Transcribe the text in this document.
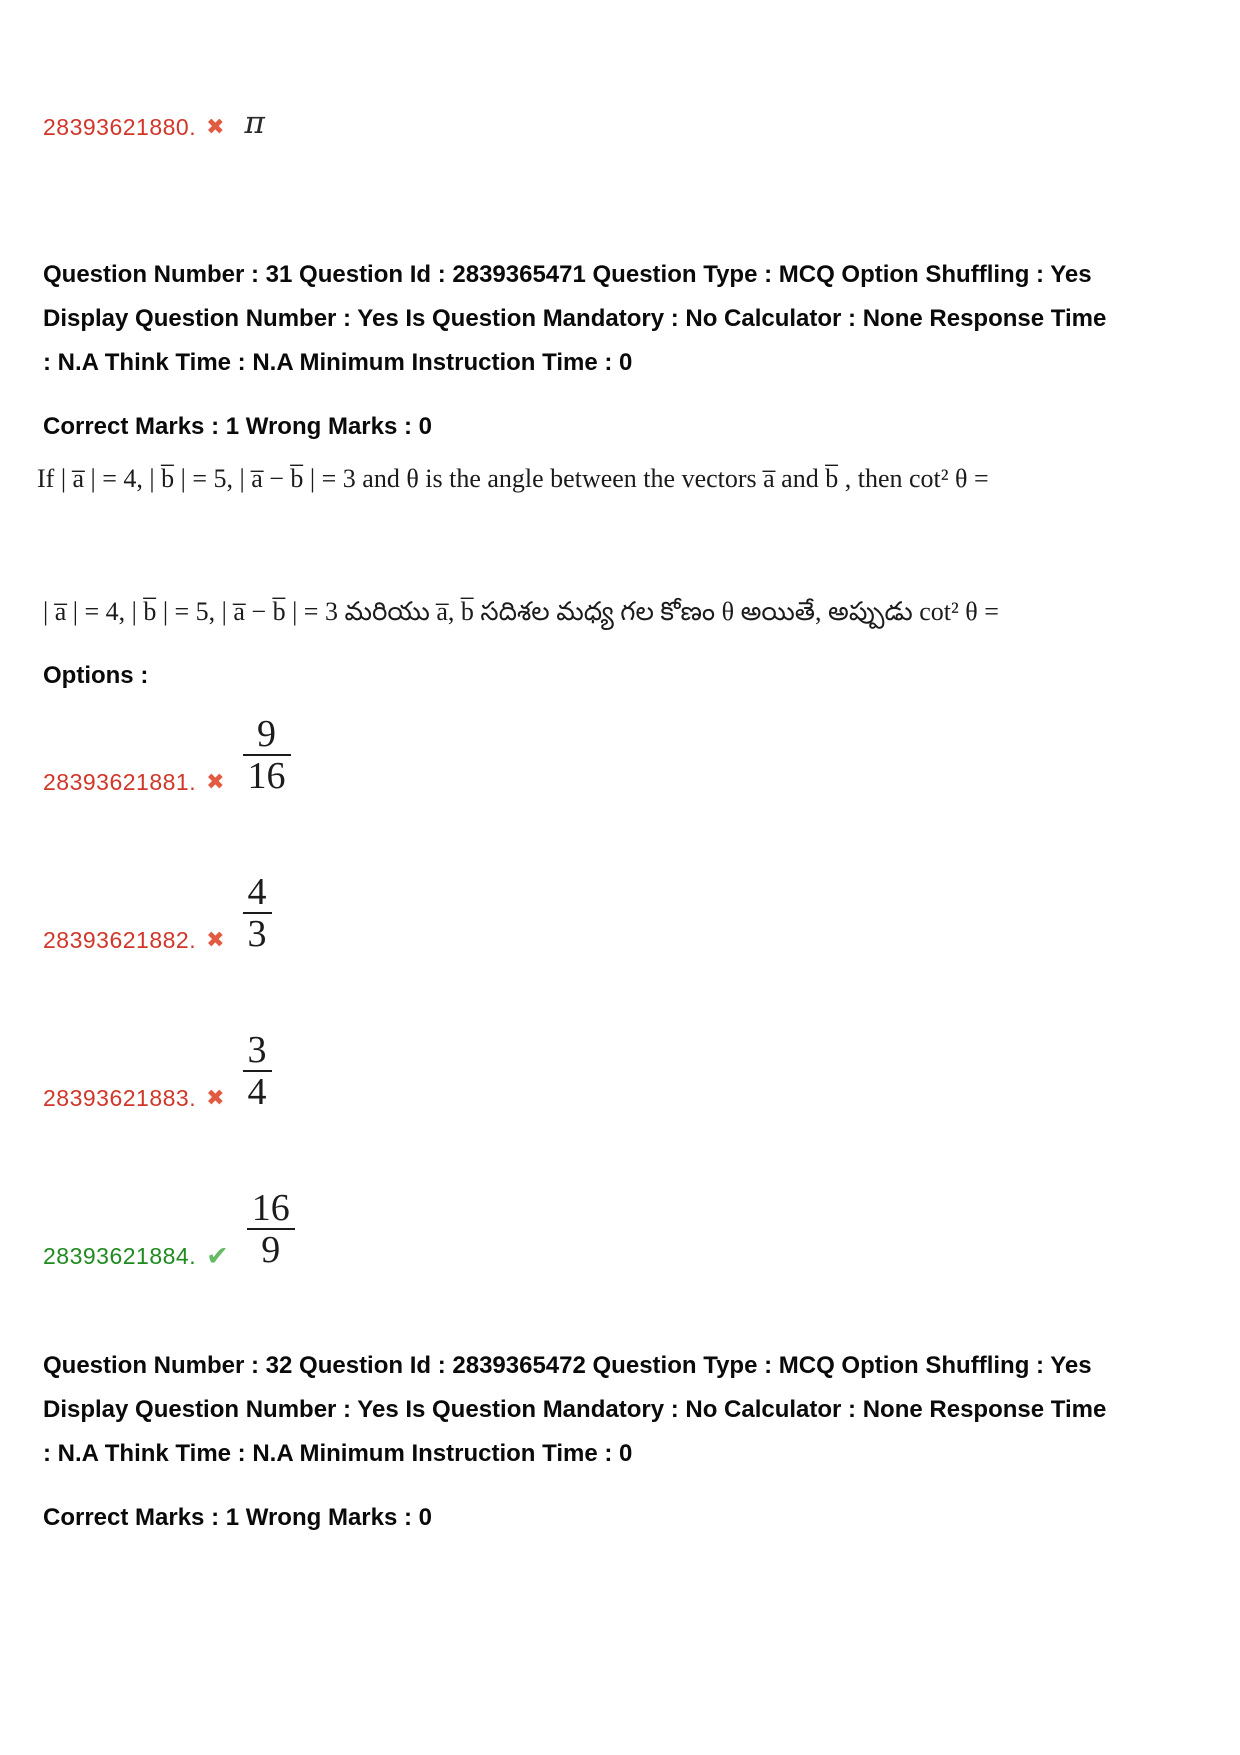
28393621880. ✖ π
Question Number : 31 Question Id : 2839365471 Question Type : MCQ Option Shuffling : Yes
Display Question Number : Yes Is Question Mandatory : No Calculator : None Response Time
: N.A Think Time : N.A Minimum Instruction Time : 0
Correct Marks : 1 Wrong Marks : 0
If | a̅ | = 4, | b̅ | = 5, | a̅ − b̅ | = 3 and θ is the angle between the vectors a̅ and b̅ , then cot² θ =
| a̅ | = 4, | b̅ | = 5, | a̅ − b̅ | = 3 మరియు a̅, b̅ సదిశల మధ్య గల కోణం θ అయితే, అప్పుడు cot² θ =
Options :
28393621881. ✖ $\frac{9}{16}$
28393621882. ✖ $\frac{4}{3}$
28393621883. ✖ $\frac{3}{4}$
28393621884. ✔ $\frac{16}{9}$
Question Number : 32 Question Id : 2839365472 Question Type : MCQ Option Shuffling : Yes
Display Question Number : Yes Is Question Mandatory : No Calculator : None Response Time
: N.A Think Time : N.A Minimum Instruction Time : 0
Correct Marks : 1 Wrong Marks : 0
